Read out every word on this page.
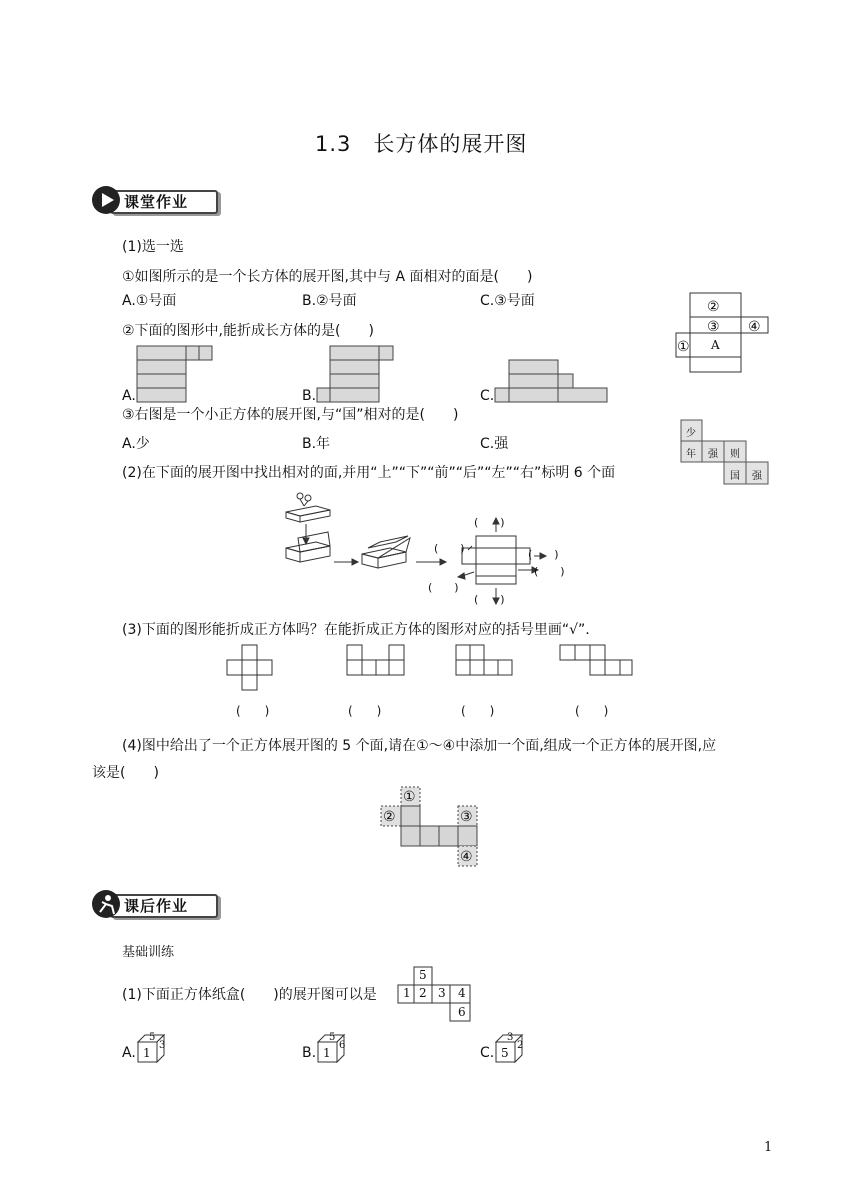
1.3　长方体的展开图
课堂作业
(1)选一选
①如图所示的是一个长方体的展开图,其中与 A 面相对的面是(　　)
A.①号面	B.②号面	C.③号面	②
③ ④
① A
②下面的图形中,能折成长方体的是(　　)
A.	B.	C.
③右图是一个小正方体的展开图,与“国”相对的是(　　)
A.少	B.年	C.强
少
年 强 则
国 强
(2)在下面的展开图中找出相对的面,并用“上”“下”“前”“后”“左”“右”标明 6 个面
(　　)
(　　)	(　　)
(　　)
(　　)
(　　)
(3)下面的图形能折成正方体吗？在能折成正方体的图形对应的括号里画“√”.
(　　)	(　　)	(　　)	(　　)
(4)图中给出了一个正方体展开图的 5 个面,请在①～④中添加一个面,组成一个正方体的展开图,应
该是(　　)
①
②	③
④
课后作业
基础训练
(1)下面正方体纸盒(　　)的展开图可以是
5
1 2 3 4
6
A.	B.	C.
5
1
3
5
1
6
3
5
2
1
